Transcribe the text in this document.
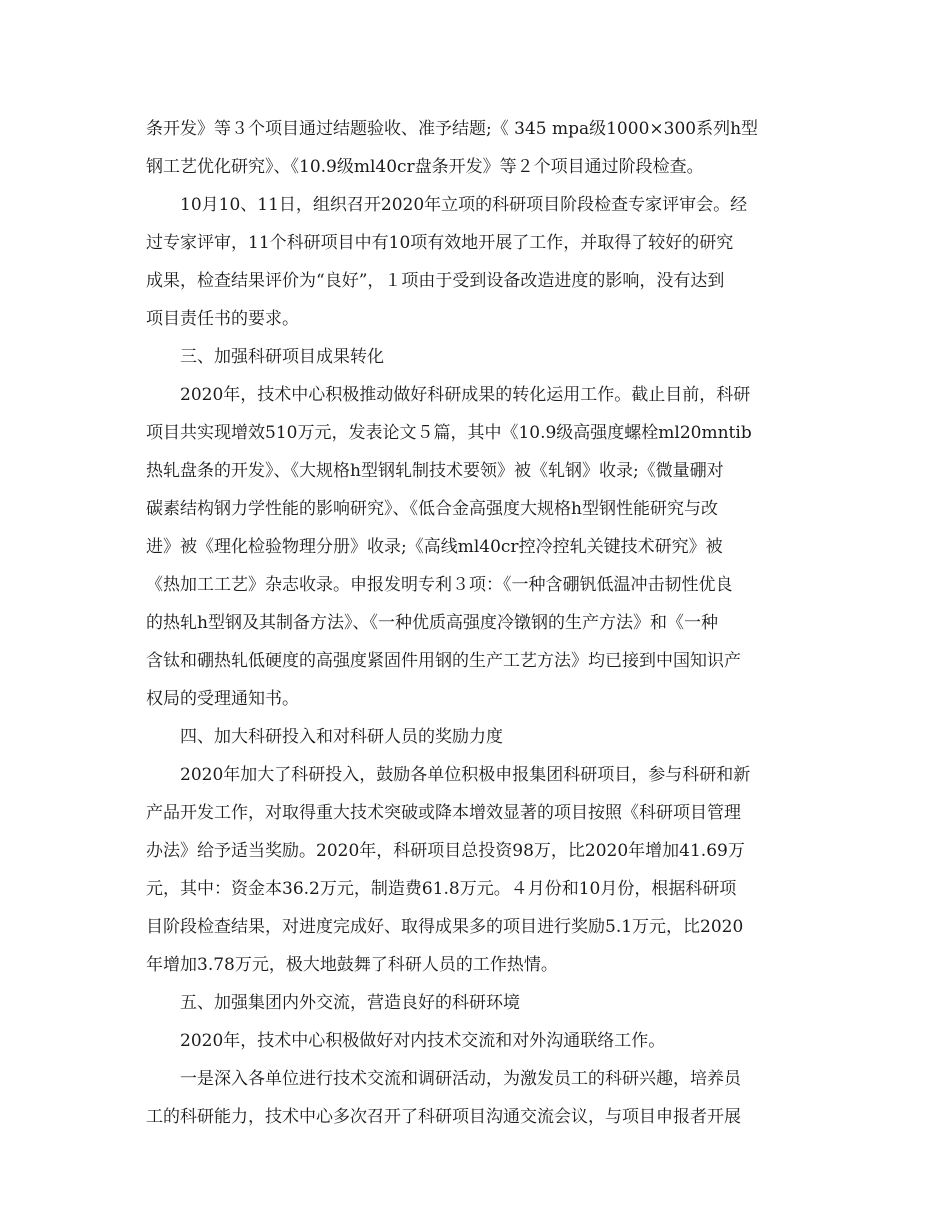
条开发》等３个项目通过结题验收、准予结题;《 345 mpa级1000×300系列h型
钢工艺优化研究》、《10.9级ml40cr盘条开发》等２个项目通过阶段检查。
10月10、11日，组织召开2020年立项的科研项目阶段检查专家评审会。经
过专家评审，11个科研项目中有10项有效地开展了工作，并取得了较好的研究
成果，检查结果评价为“良好”，１项由于受到设备改造进度的影响，没有达到
项目责任书的要求。
三、加强科研项目成果转化
2020年，技术中心积极推动做好科研成果的转化运用工作。截止目前，科研
项目共实现增效510万元，发表论文５篇，其中《10.9级高强度螺栓ml20mntib
热轧盘条的开发》、《大规格h型钢轧制技术要领》被《轧钢》收录;《微量硼对
碳素结构钢力学性能的影响研究》、《低合金高强度大规格h型钢性能研究与改
进》被《理化检验物理分册》收录;《高线ml40cr控冷控轧关键技术研究》被
《热加工工艺》杂志收录。申报发明专利３项：《一种含硼钒低温冲击韧性优良
的热轧h型钢及其制备方法》、《一种优质高强度冷镦钢的生产方法》和《一种
含钛和硼热轧低硬度的高强度紧固件用钢的生产工艺方法》均已接到中国知识产
权局的受理通知书。
四、加大科研投入和对科研人员的奖励力度
2020年加大了科研投入，鼓励各单位积极申报集团科研项目，参与科研和新
产品开发工作，对取得重大技术突破或降本增效显著的项目按照《科研项目管理
办法》给予适当奖励。2020年，科研项目总投资98万，比2020年增加41.69万
元，其中：资金本36.2万元，制造费61.8万元。４月份和10月份，根据科研项
目阶段检查结果，对进度完成好、取得成果多的项目进行奖励5.1万元，比2020
年增加3.78万元，极大地鼓舞了科研人员的工作热情。
五、加强集团内外交流，营造良好的科研环境
2020年，技术中心积极做好对内技术交流和对外沟通联络工作。
一是深入各单位进行技术交流和调研活动，为激发员工的科研兴趣，培养员
工的科研能力，技术中心多次召开了科研项目沟通交流会议，与项目申报者开展
